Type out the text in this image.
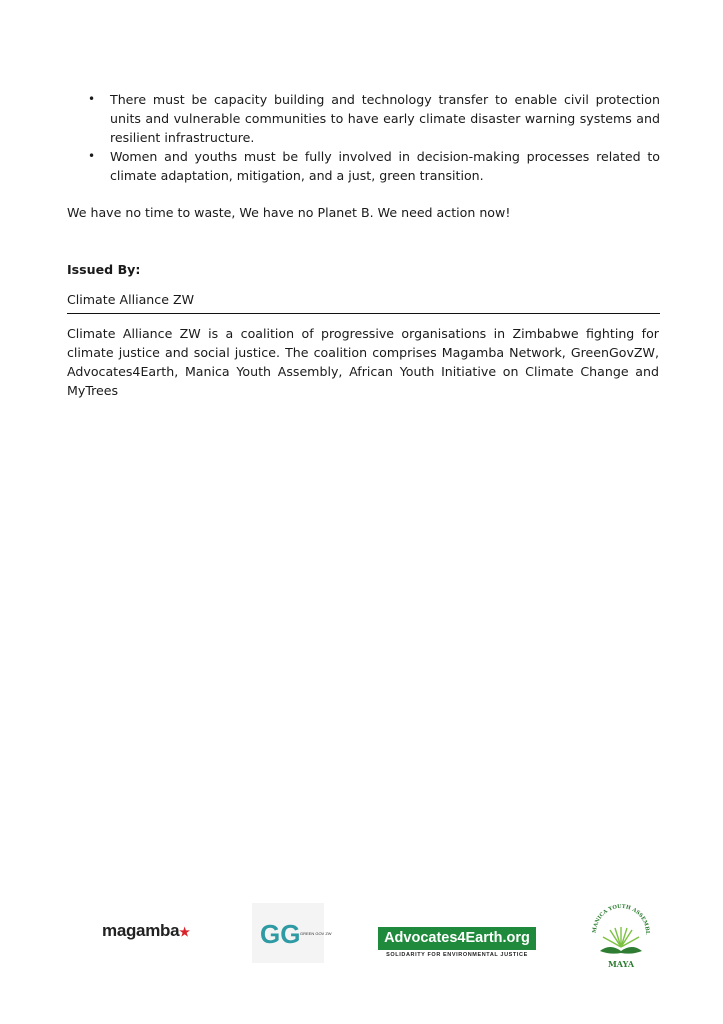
• There must be capacity building and technology transfer to enable civil protection units and vulnerable communities to have early climate disaster warning systems and resilient infrastructure.
• Women and youths must be fully involved in decision-making processes related to climate adaptation, mitigation, and a just, green transition.

We have no time to waste, We have no Planet B. We need action now!

Issued By:
Climate Alliance ZW

Climate Alliance ZW is a coalition of progressive organisations in Zimbabwe fighting for climate justice and social justice. The coalition comprises Magamba Network, GreenGovZW, Advocates4Earth, Manica Youth Assembly, African Youth Initiative on Climate Change and MyTrees

magamba★	GG GREEN GOV ZW	Advocates4Earth.org
SOLIDARITY FOR ENVIRONMENTAL JUSTICE
MANICA YOUTH ASSEMBL
MAYA
